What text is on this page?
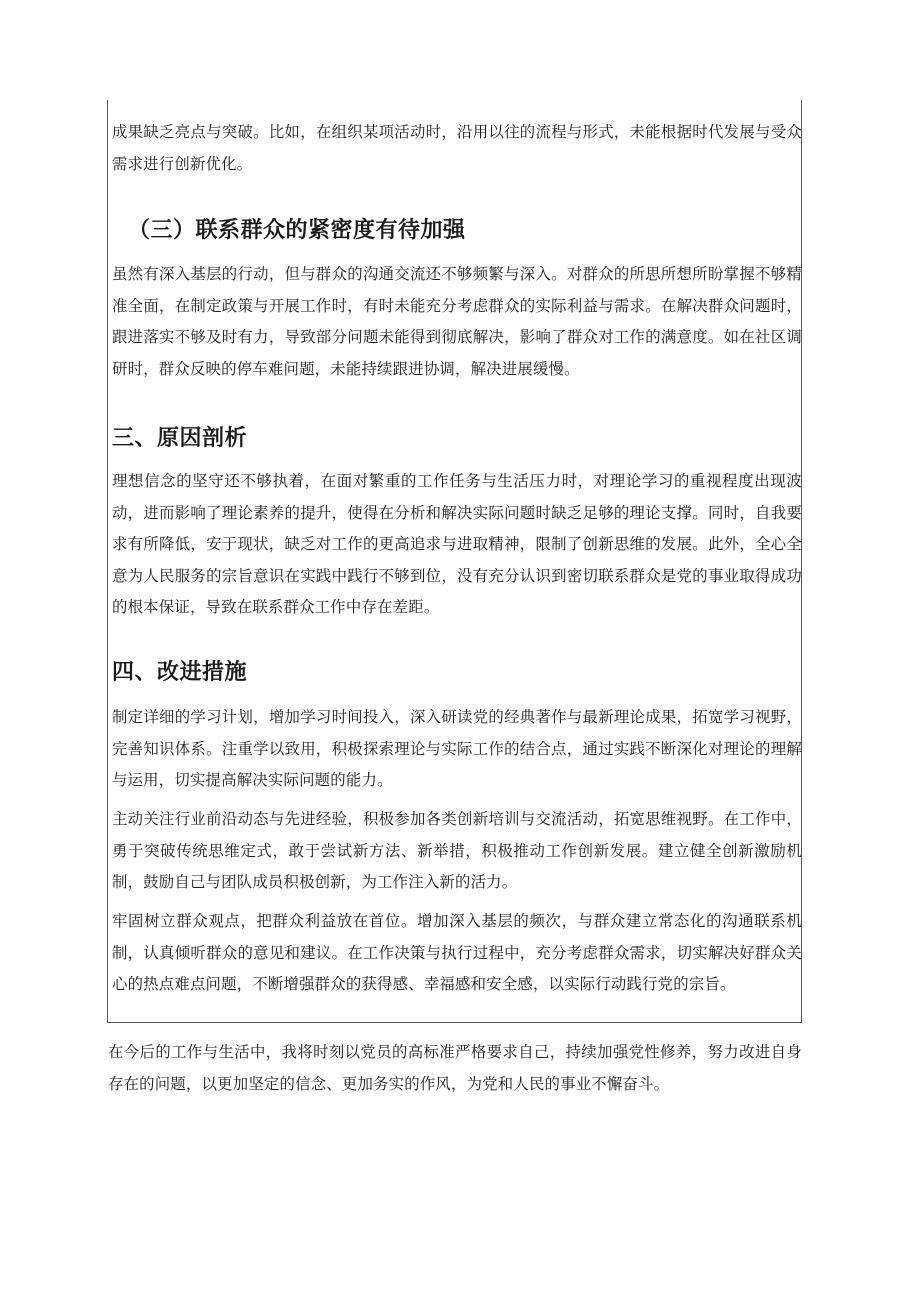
成果缺乏亮点与突破。比如，在组织某项活动时，沿用以往的流程与形式，未能根据时代发展与受众需求进行创新优化。

（三）联系群众的紧密度有待加强

虽然有深入基层的行动，但与群众的沟通交流还不够频繁与深入。对群众的所思所想所盼掌握不够精准全面，在制定政策与开展工作时，有时未能充分考虑群众的实际利益与需求。在解决群众问题时，跟进落实不够及时有力，导致部分问题未能得到彻底解决，影响了群众对工作的满意度。如在社区调研时，群众反映的停车难问题，未能持续跟进协调，解决进展缓慢。

三、原因剖析

理想信念的坚守还不够执着，在面对繁重的工作任务与生活压力时，对理论学习的重视程度出现波动，进而影响了理论素养的提升，使得在分析和解决实际问题时缺乏足够的理论支撑。同时，自我要求有所降低，安于现状，缺乏对工作的更高追求与进取精神，限制了创新思维的发展。此外，全心全意为人民服务的宗旨意识在实践中践行不够到位，没有充分认识到密切联系群众是党的事业取得成功的根本保证，导致在联系群众工作中存在差距。

四、改进措施

制定详细的学习计划，增加学习时间投入，深入研读党的经典著作与最新理论成果，拓宽学习视野，完善知识体系。注重学以致用，积极探索理论与实际工作的结合点，通过实践不断深化对理论的理解与运用，切实提高解决实际问题的能力。

主动关注行业前沿动态与先进经验，积极参加各类创新培训与交流活动，拓宽思维视野。在工作中，勇于突破传统思维定式，敢于尝试新方法、新举措，积极推动工作创新发展。建立健全创新激励机制，鼓励自己与团队成员积极创新，为工作注入新的活力。

牢固树立群众观点，把群众利益放在首位。增加深入基层的频次，与群众建立常态化的沟通联系机制，认真倾听群众的意见和建议。在工作决策与执行过程中，充分考虑群众需求，切实解决好群众关心的热点难点问题，不断增强群众的获得感、幸福感和安全感，以实际行动践行党的宗旨。

在今后的工作与生活中，我将时刻以党员的高标准严格要求自己，持续加强党性修养，努力改进自身存在的问题，以更加坚定的信念、更加务实的作风，为党和人民的事业不懈奋斗。
